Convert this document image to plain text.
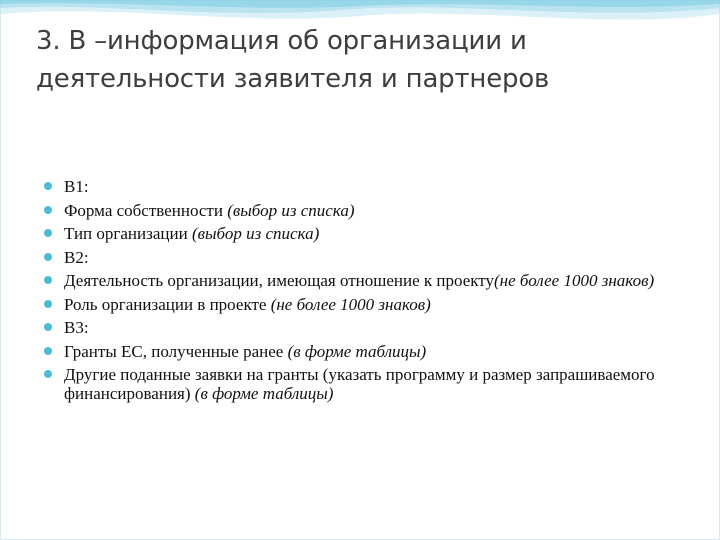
3. В –информация об организации и деятельности заявителя и партнеров
B1:
Форма собственности (выбор из списка)
Тип организации (выбор из списка)
B2:
Деятельность организации, имеющая отношение к проекту(не более 1000 знаков)
Роль организации в проекте (не более 1000 знаков)
B3:
Гранты ЕС, полученные ранее (в форме таблицы)
Другие поданные заявки на гранты (указать программу и размер запрашиваемого финансирования) (в форме таблицы)
